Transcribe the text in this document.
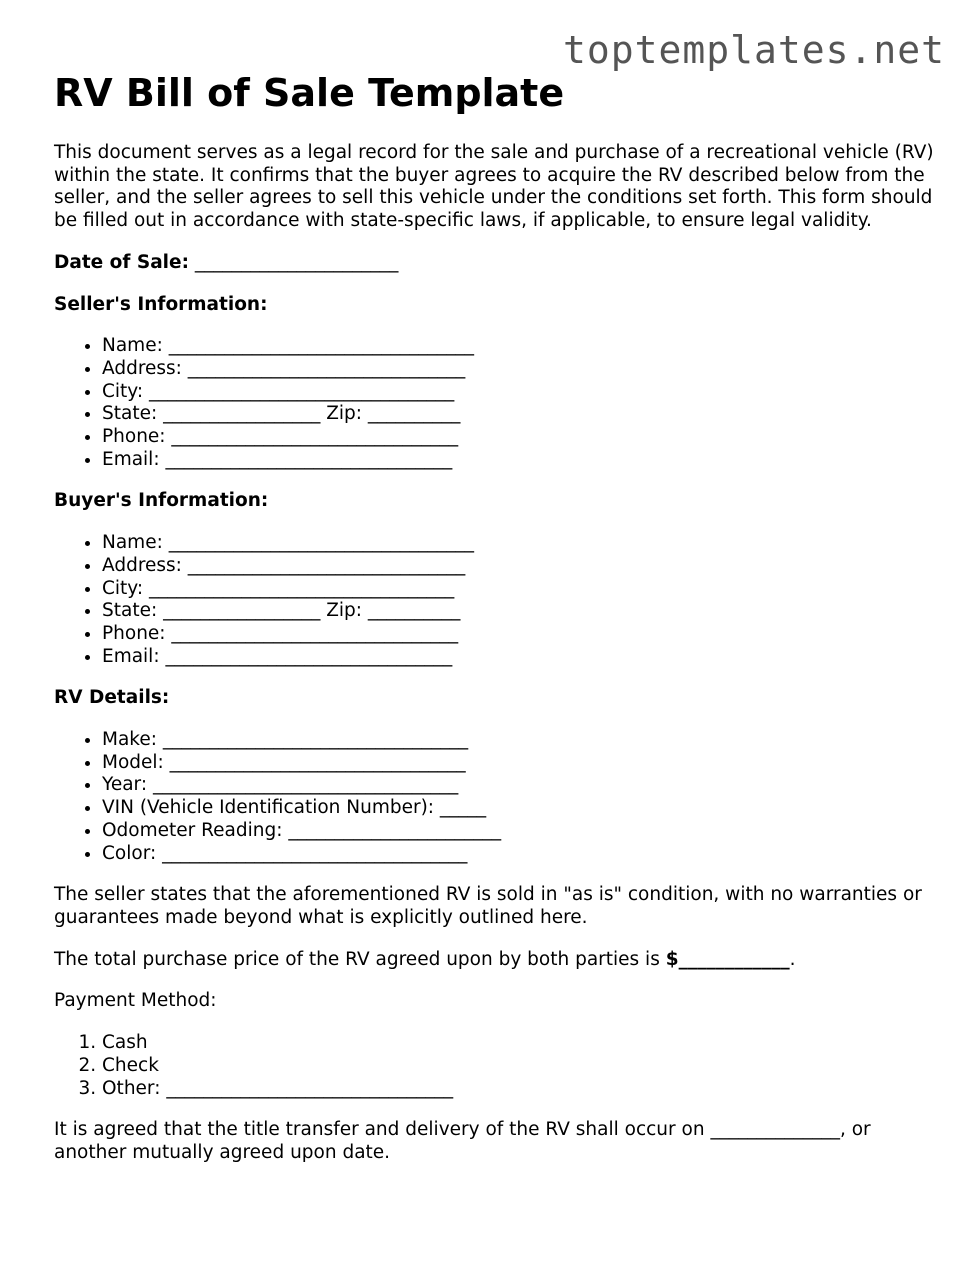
toptemplates.net
RV Bill of Sale Template

This document serves as a legal record for the sale and purchase of a recreational vehicle (RV) within the state. It confirms that the buyer agrees to acquire the RV described below from the seller, and the seller agrees to sell this vehicle under the conditions set forth. This form should be filled out in accordance with state-specific laws, if applicable, to ensure legal validity.

Date of Sale: ______________________

Seller's Information:

• Name: _________________________________
• Address: ______________________________
• City: _________________________________
• State: _________________ Zip: __________
• Phone: _______________________________
• Email: _______________________________

Buyer's Information:

• Name: _________________________________
• Address: ______________________________
• City: _________________________________
• State: _________________ Zip: __________
• Phone: _______________________________
• Email: _______________________________

RV Details:

• Make: _________________________________
• Model: ________________________________
• Year: _________________________________
• VIN (Vehicle Identification Number): _____
• Odometer Reading: _______________________
• Color: _________________________________

The seller states that the aforementioned RV is sold in "as is" condition, with no warranties or guarantees made beyond what is explicitly outlined here.

The total purchase price of the RV agreed upon by both parties is $____________.

Payment Method:

1. Cash
2. Check
3. Other: _______________________________

It is agreed that the title transfer and delivery of the RV shall occur on ______________, or another mutually agreed upon date.
